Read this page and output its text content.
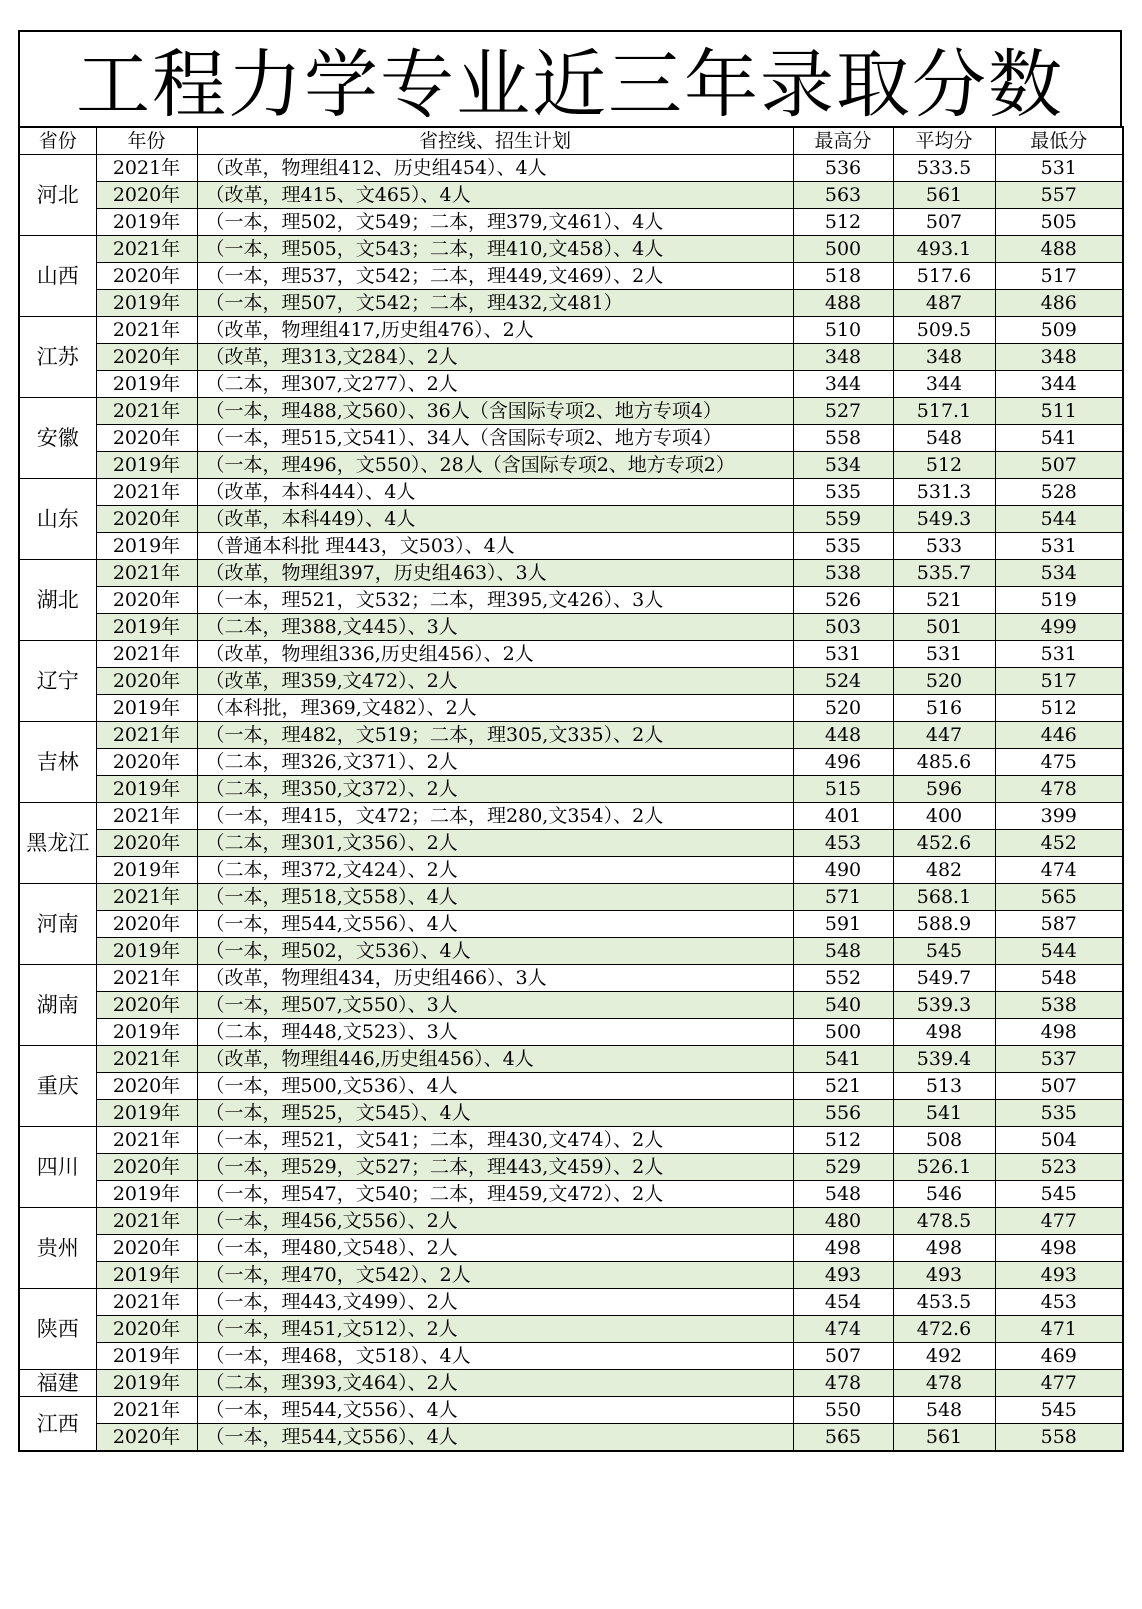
工程力学专业近三年录取分数
省份	年份	省控线、招生计划	最高分	平均分	最低分
河北	2021年	（改革，物理组412、历史组454）、4人	536	533.5	531
	2020年	（改革，理415、文465）、4人	563	561	557
	2019年	（一本，理502，文549；二本，理379,文461）、4人	512	507	505
山西	2021年	（一本，理505，文543；二本，理410,文458）、4人	500	493.1	488
	2020年	（一本，理537，文542；二本，理449,文469）、2人	518	517.6	517
	2019年	（一本，理507，文542；二本，理432,文481）	488	487	486
江苏	2021年	（改革，物理组417,历史组476）、2人	510	509.5	509
	2020年	（改革，理313,文284）、2人	348	348	348
	2019年	（二本，理307,文277）、2人	344	344	344
安徽	2021年	（一本，理488,文560）、36人（含国际专项2、地方专项4）	527	517.1	511
	2020年	（一本，理515,文541）、34人（含国际专项2、地方专项4）	558	548	541
	2019年	（一本，理496，文550）、28人（含国际专项2、地方专项2）	534	512	507
山东	2021年	（改革，本科444）、4人	535	531.3	528
	2020年	（改革，本科449）、4人	559	549.3	544
	2019年	（普通本科批 理443，文503）、4人	535	533	531
湖北	2021年	（改革，物理组397，历史组463）、3人	538	535.7	534
	2020年	（一本，理521，文532；二本，理395,文426）、3人	526	521	519
	2019年	（二本，理388,文445）、3人	503	501	499
辽宁	2021年	（改革，物理组336,历史组456）、2人	531	531	531
	2020年	（改革，理359,文472）、2人	524	520	517
	2019年	（本科批，理369,文482）、2人	520	516	512
吉林	2021年	（一本，理482，文519；二本，理305,文335）、2人	448	447	446
	2020年	（二本，理326,文371）、2人	496	485.6	475
	2019年	（二本，理350,文372）、2人	515	596	478
黑龙江	2021年	（一本，理415，文472；二本，理280,文354）、2人	401	400	399
	2020年	（二本，理301,文356）、2人	453	452.6	452
	2019年	（二本，理372,文424）、2人	490	482	474
河南	2021年	（一本，理518,文558）、4人	571	568.1	565
	2020年	（一本，理544,文556）、4人	591	588.9	587
	2019年	（一本，理502，文536）、4人	548	545	544
湖南	2021年	（改革，物理组434，历史组466）、3人	552	549.7	548
	2020年	（一本，理507,文550）、3人	540	539.3	538
	2019年	（二本，理448,文523）、3人	500	498	498
重庆	2021年	（改革，物理组446,历史组456）、4人	541	539.4	537
	2020年	（一本，理500,文536）、4人	521	513	507
	2019年	（一本，理525，文545）、4人	556	541	535
四川	2021年	（一本，理521，文541；二本，理430,文474）、2人	512	508	504
	2020年	（一本，理529，文527；二本，理443,文459）、2人	529	526.1	523
	2019年	（一本，理547，文540；二本，理459,文472）、2人	548	546	545
贵州	2021年	（一本，理456,文556）、2人	480	478.5	477
	2020年	（一本，理480,文548）、2人	498	498	498
	2019年	（一本，理470，文542）、2人	493	493	493
陕西	2021年	（一本，理443,文499）、2人	454	453.5	453
	2020年	（一本，理451,文512）、2人	474	472.6	471
	2019年	（一本，理468，文518）、4人	507	492	469
福建	2019年	（二本，理393,文464）、2人	478	478	477
江西	2021年	（一本，理544,文556）、4人	550	548	545
	2020年	（一本，理544,文556）、4人	565	561	558
